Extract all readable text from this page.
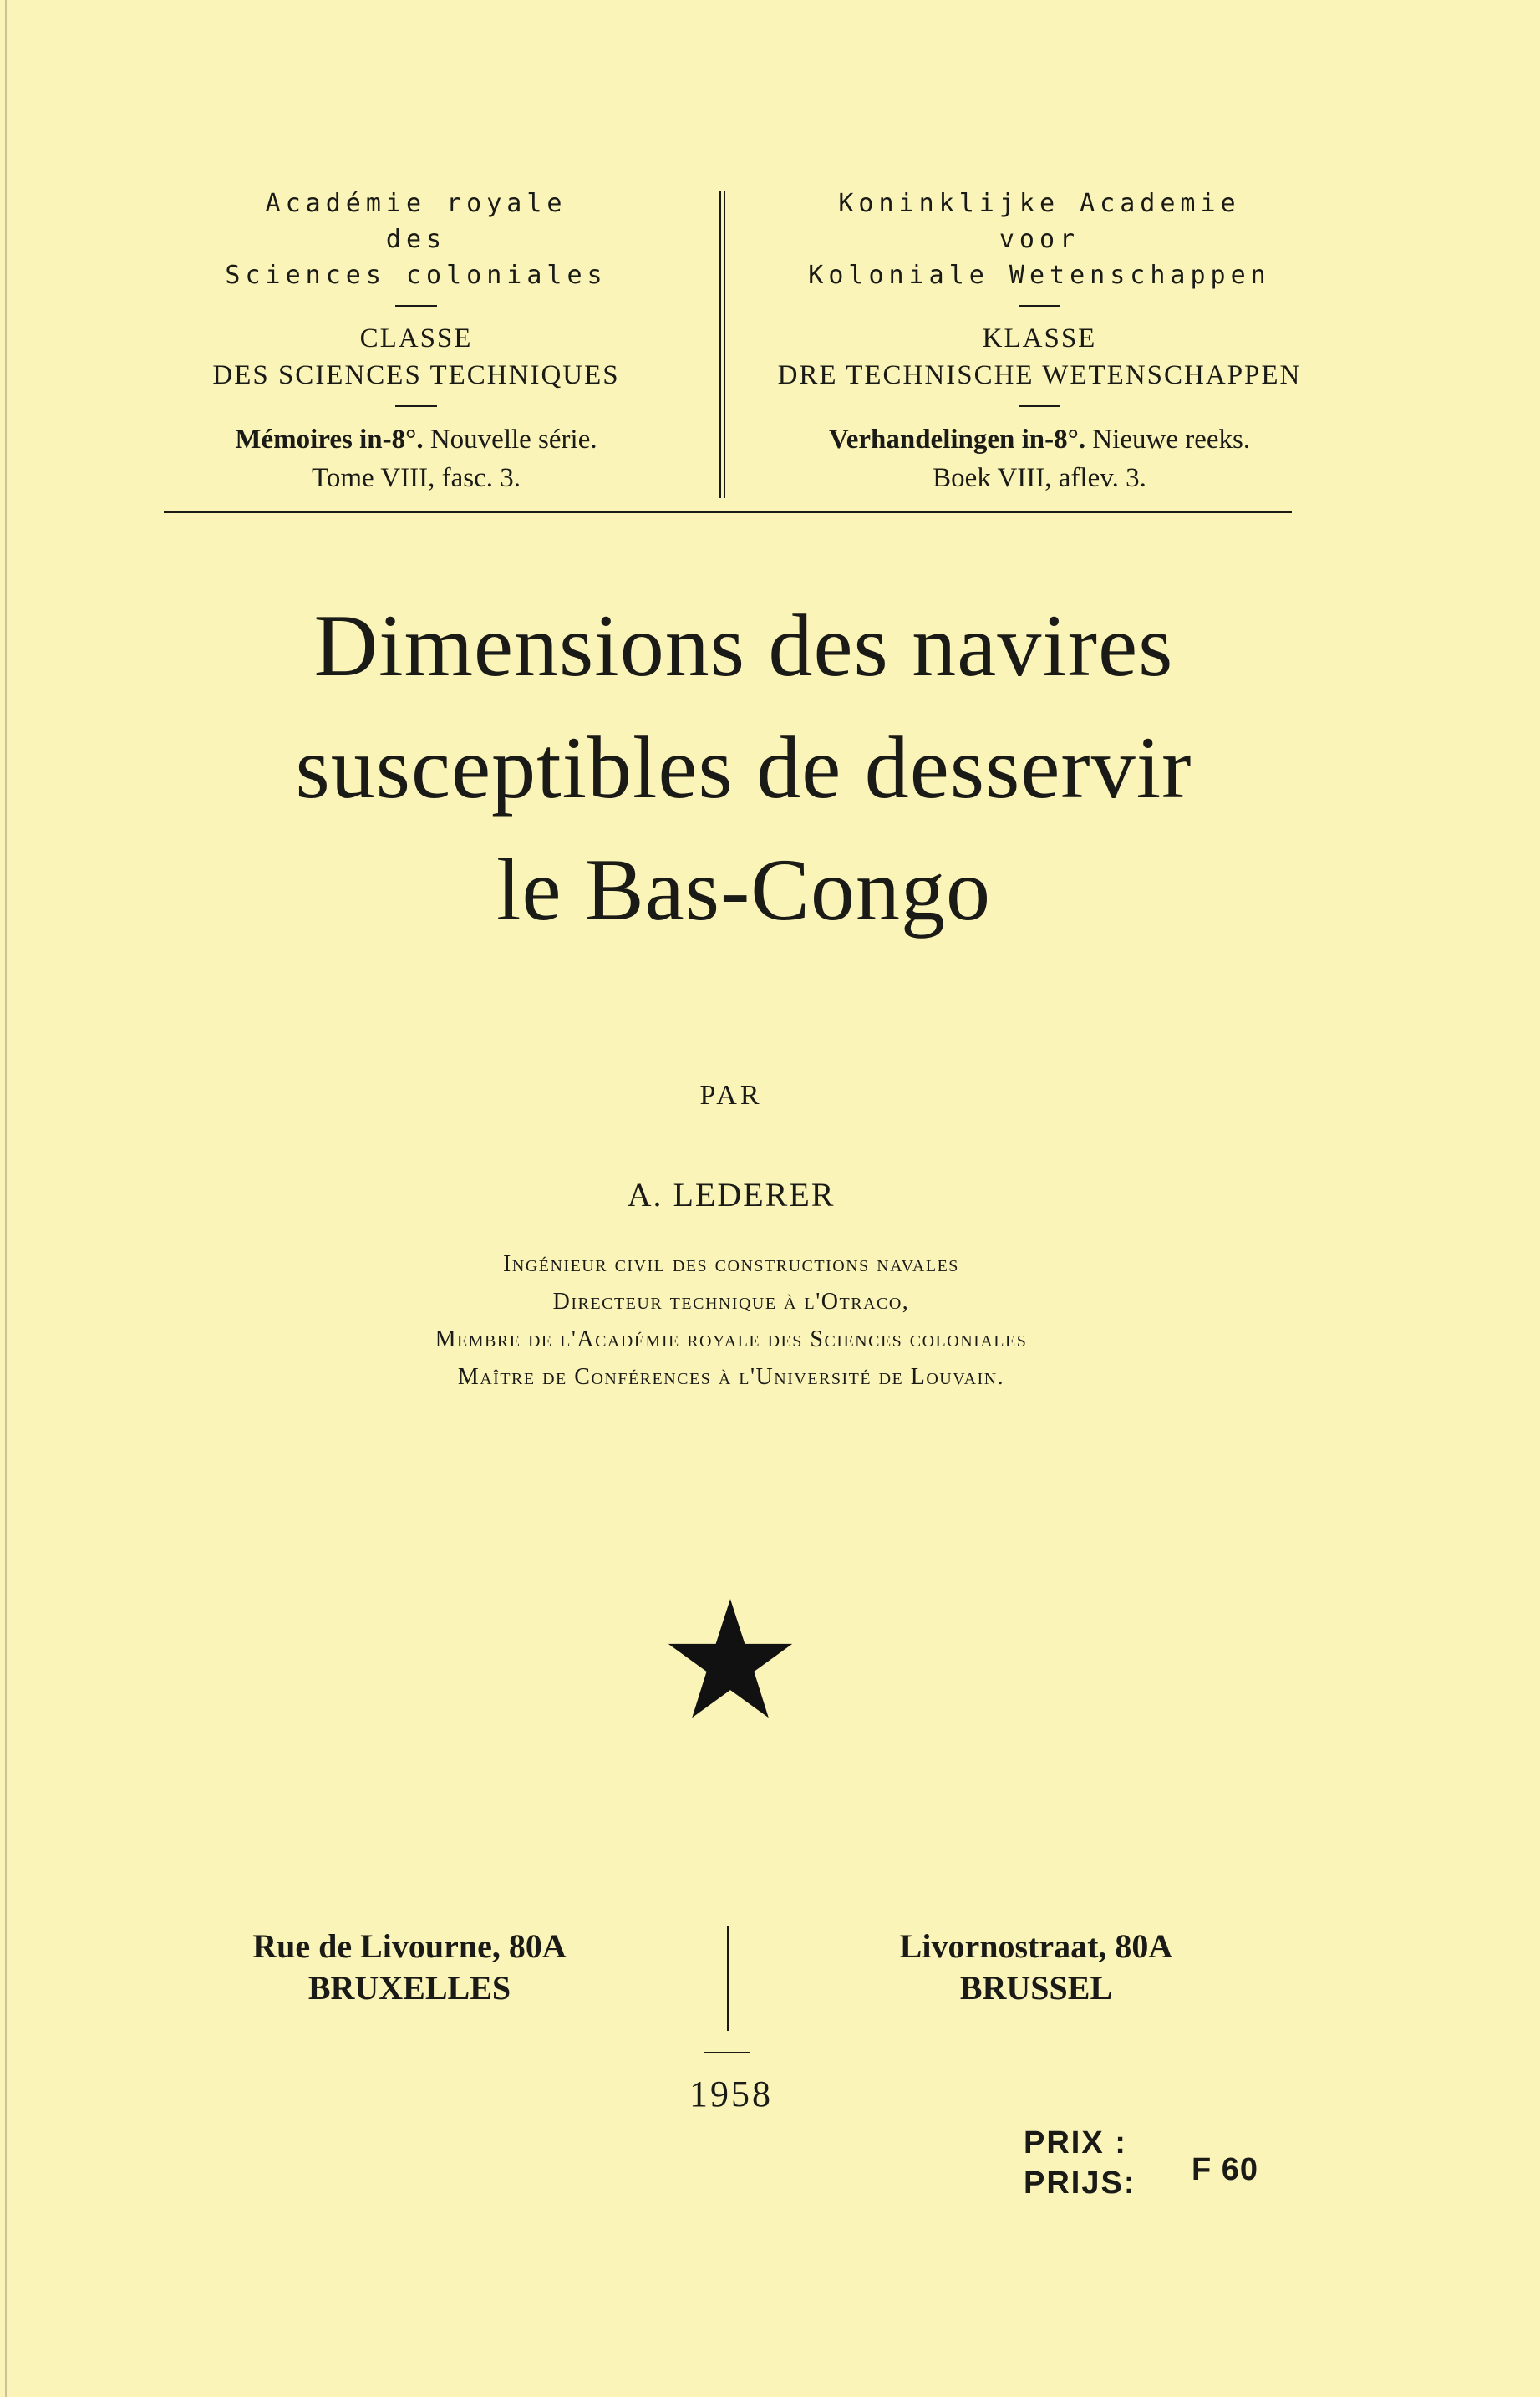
Académie royale
des
Sciences coloniales
CLASSE
DES SCIENCES TECHNIQUES
Mémoires in-8°. Nouvelle série.
Tome VIII, fasc. 3.
Koninklijke Academie
voor
Koloniale Wetenschappen
KLASSE
DRE TECHNISCHE WETENSCHAPPEN
Verhandelingen in-8°. Nieuwe reeks.
Boek VIII, aflev. 3.
Dimensions des navires
susceptibles de desservir
le Bas-Congo
PAR
A. LEDERER
Ingénieur civil des constructions navales
Directeur technique à l'Otraco,
Membre de l'Académie royale des Sciences coloniales
Maître de Conférences à l'Université de Louvain.
Rue de Livourne, 80A
BRUXELLES
Livornostraat, 80A
BRUSSEL
1958
PRIX :
PRIJS: F 60
